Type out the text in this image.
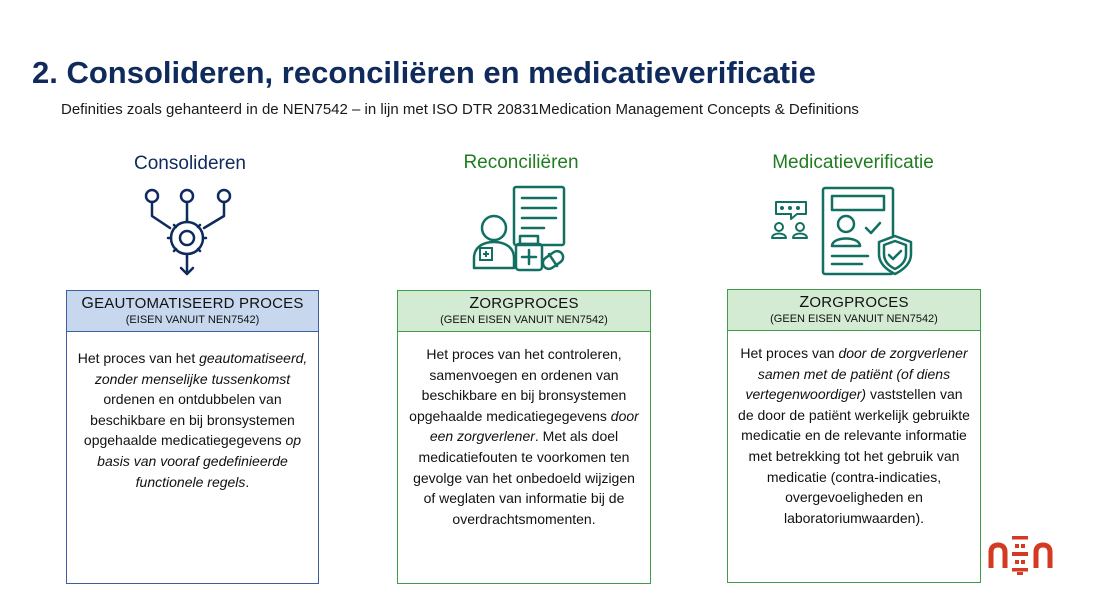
2. Consolideren, reconciliëren en medicatieverificatie
Definities zoals gehanteerd in de NEN7542 – in lijn met ISO DTR 20831Medication Management Concepts & Definitions
Consolideren
GEAUTOMATISEERD PROCES
(EISEN VANUIT NEN7542)
Het proces van het geautomatiseerd, zonder menselijke tussenkomst ordenen en ontdubbelen van beschikbare en bij bronsystemen opgehaalde medicatiegegevens op basis van vooraf gedefinieerde functionele regels.
Reconciliëren
ZORGPROCES
(GEEN EISEN VANUIT NEN7542)
Het proces van het controleren, samenvoegen en ordenen van beschikbare en bij bronsystemen opgehaalde medicatiegegevens door een zorgverlener. Met als doel medicatiefouten te voorkomen ten gevolge van het onbedoeld wijzigen of weglaten van informatie bij de overdrachtsmomenten.
Medicatieverificatie
ZORGPROCES
(GEEN EISEN VANUIT NEN7542)
Het proces van door de zorgverlener samen met de patiënt (of diens vertegenwoordiger) vaststellen van de door de patiënt werkelijk gebruikte medicatie en de relevante informatie met betrekking tot het gebruik van medicatie (contra-indicaties, overgevoeligheden en laboratoriumwaarden).
